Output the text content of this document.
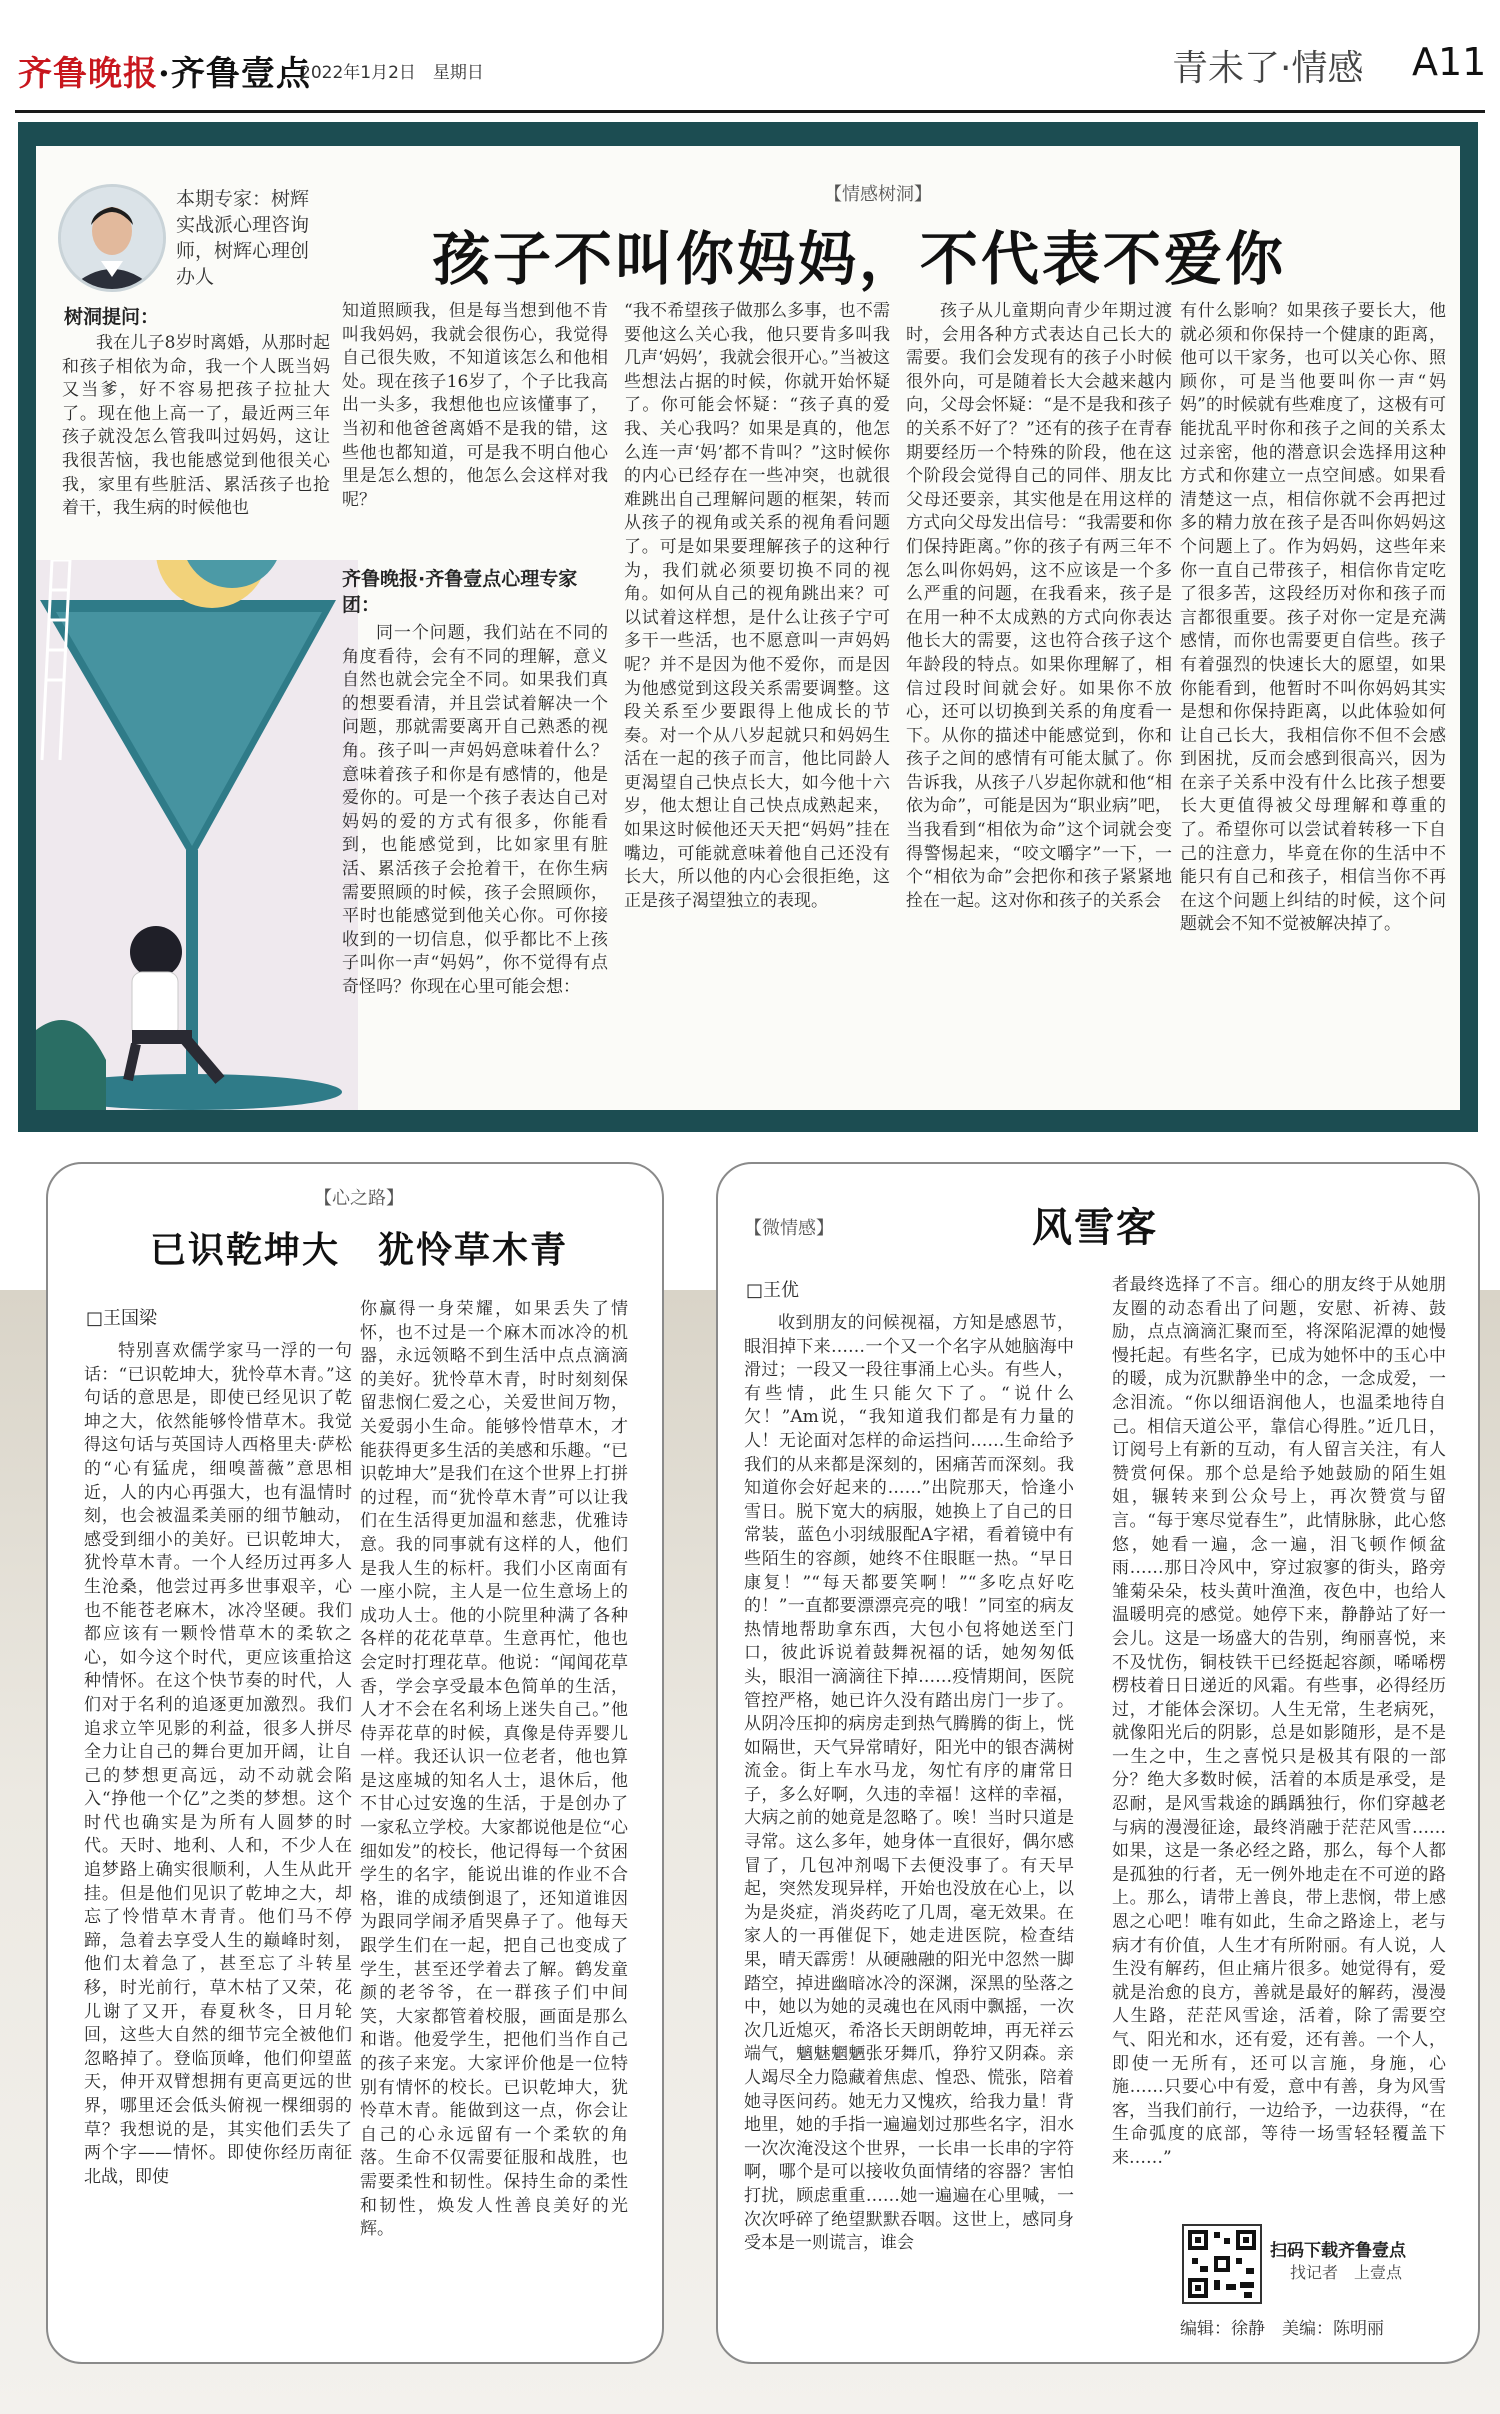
齐鲁晚报·齐鲁壹点
2022年1月2日　星期日	青未了·情感 A11
【情感树洞】
孩子不叫你妈妈，不代表不爱你
本期专家：树辉实战派心理咨询师，树辉心理创办人
树洞提问：

我在儿子8岁时离婚，从那时起和孩子相依为命，我一个人既当妈又当爹，好不容易把孩子拉扯大了。现在他上高一了，最近两三年孩子就没怎么管我叫过妈妈，这让我很苦恼，我也能感觉到他很关心我，家里有些脏活、累活孩子也抢着干，我生病的时候他也

知道照顾我，但是每当想到他不肯叫我妈妈，我就会很伤心，我觉得自己很失败，不知道该怎么和他相处。现在孩子16岁了，个子比我高出一头多，我想他也应该懂事了，当初和他爸爸离婚不是我的错，这些他也都知道，可是我不明白他心里是怎么想的，他怎么会这样对我呢？

齐鲁晚报·齐鲁壹点心理专家团：

同一个问题，我们站在不同的角度看待，会有不同的理解，意义自然也就会完全不同。如果我们真的想要看清，并且尝试着解决一个问题，那就需要离开自己熟悉的视角。孩子叫一声妈妈意味着什么？意味着孩子和你是有感情的，他是爱你的。可是一个孩子表达自己对妈妈的爱的方式有很多，你能看到，也能感觉到，比如家里有脏活、累活孩子会抢着干，在你生病需要照顾的时候，孩子会照顾你，平时也能感觉到他关心你。可你接收到的一切信息，似乎都比不上孩子叫你一声“妈妈”，你不觉得有点奇怪吗？你现在心里可能会想：

“我不希望孩子做那么多事，也不需要他这么关心我，他只要肯多叫我几声‘妈妈’，我就会很开心。”当被这些想法占据的时候，你就开始怀疑了。你可能会怀疑：“孩子真的爱我、关心我吗？如果是真的，他怎么连一声‘妈’都不肯叫？”这时候你的内心已经存在一些冲突，也就很难跳出自己理解问题的框架，转而从孩子的视角或关系的视角看问题了。可是如果要理解孩子的这种行为，我们就必须要切换不同的视角。如何从自己的视角跳出来？可以试着这样想，是什么让孩子宁可多干一些活，也不愿意叫一声妈妈呢？并不是因为他不爱你，而是因为他感觉到这段关系需要调整。这段关系至少要跟得上他成长的节奏。对一个从八岁起就只和妈妈生活在一起的孩子而言，他比同龄人更渴望自己快点长大，如今他十六岁，他太想让自己快点成熟起来，如果这时候他还天天把“妈妈”挂在嘴边，可能就意味着他自己还没有长大，所以他的内心会很拒绝，这正是孩子渴望独立的表现。

孩子从儿童期向青少年期过渡时，会用各种方式表达自己长大的需要。我们会发现有的孩子小时候很外向，可是随着长大会越来越内向，父母会怀疑：“是不是我和孩子的关系不好了？”还有的孩子在青春期要经历一个特殊的阶段，他在这个阶段会觉得自己的同伴、朋友比父母还要亲，其实他是在用这样的方式向父母发出信号：“我需要和你们保持距离。”你的孩子有两三年不怎么叫你妈妈，这不应该是一个多么严重的问题，在我看来，孩子是在用一种不太成熟的方式向你表达他长大的需要，这也符合孩子这个年龄段的特点。如果你理解了，相信过段时间就会好。如果你不放心，还可以切换到关系的角度看一下。从你的描述中能感觉到，你和孩子之间的感情有可能太腻了。你告诉我，从孩子八岁起你就和他“相依为命”，可能是因为“职业病”吧，当我看到“相依为命”这个词就会变得警惕起来，“咬文嚼字”一下，一个“相依为命”会把你和孩子紧紧地拴在一起。这对你和孩子的关系会

有什么影响？如果孩子要长大，他就必须和你保持一个健康的距离，他可以干家务，也可以关心你、照顾你，可是当他要叫你一声“妈妈”的时候就有些难度了，这极有可能扰乱平时你和孩子之间的关系太过亲密，他的潜意识会选择用这种方式和你建立一点空间感。如果看清楚这一点，相信你就不会再把过多的精力放在孩子是否叫你妈妈这个问题上了。作为妈妈，这些年来你一直自己带孩子，相信你肯定吃了很多苦，这段经历对你和孩子而言都很重要。孩子对你一定是充满感情，而你也需要更自信些。孩子有着强烈的快速长大的愿望，如果你能看到，他暂时不叫你妈妈其实是想和你保持距离，以此体验如何让自己长大，我相信你不但不会感到困扰，反而会感到很高兴，因为在亲子关系中没有什么比孩子想要长大更值得被父母理解和尊重的了。希望你可以尝试着转移一下自己的注意力，毕竟在你的生活中不能只有自己和孩子，相信当你不再在这个问题上纠结的时候，这个问题就会不知不觉被解决掉了。

【心之路】
已识乾坤大　犹怜草木青
□王国梁

特别喜欢儒学家马一浮的一句话：“已识乾坤大，犹怜草木青。”这句话的意思是，即使已经见识了乾坤之大，依然能够怜惜草木。我觉得这句话与英国诗人西格里夫·萨松的“心有猛虎，细嗅蔷薇”意思相近，人的内心再强大，也有温情时刻，也会被温柔美丽的细节触动，感受到细小的美好。已识乾坤大，犹怜草木青。一个人经历过再多人生沧桑，他尝过再多世事艰辛，心也不能苍老麻木，冰冷坚硬。我们都应该有一颗怜惜草木的柔软之心，如今这个时代，更应该重拾这种情怀。在这个快节奏的时代，人们对于名利的追逐更加激烈。我们追求立竿见影的利益，很多人拼尽全力让自己的舞台更加开阔，让自己的梦想更高远，动不动就会陷入“挣他一个亿”之类的梦想。这个时代也确实是为所有人圆梦的时代。天时、地利、人和，不少人在追梦路上确实很顺利，人生从此开挂。但是他们见识了乾坤之大，却忘了怜惜草木青青。他们马不停蹄，急着去享受人生的巅峰时刻，他们太着急了，甚至忘了斗转星移，时光前行，草木枯了又荣，花儿谢了又开，春夏秋冬，日月轮回，这些大自然的细节完全被他们忽略掉了。登临顶峰，他们仰望蓝天，伸开双臂想拥有更高更远的世界，哪里还会低头俯视一棵细弱的草？我想说的是，其实他们丢失了两个字——情怀。即使你经历南征北战，即使

你赢得一身荣耀，如果丢失了情怀，也不过是一个麻木而冰冷的机器，永远领略不到生活中点点滴滴的美好。犹怜草木青，时时刻刻保留悲悯仁爱之心，关爱世间万物，关爱弱小生命。能够怜惜草木，才能获得更多生活的美感和乐趣。“已识乾坤大”是我们在这个世界上打拼的过程，而“犹怜草木青”可以让我们在生活得更加温和慈悲，优雅诗意。我的同事就有这样的人，他们是我人生的标杆。我们小区南面有一座小院，主人是一位生意场上的成功人士。他的小院里种满了各种各样的花花草草。生意再忙，他也会定时打理花草。他说：“闻闻花草香，学会享受最本色简单的生活，人才不会在名利场上迷失自己。”他侍弄花草的时候，真像是侍弄婴儿一样。我还认识一位老者，他也算是这座城的知名人士，退休后，他不甘心过安逸的生活，于是创办了一家私立学校。大家都说他是位“心细如发”的校长，他记得每一个贫困学生的名字，能说出谁的作业不合格，谁的成绩倒退了，还知道谁因为跟同学闹矛盾哭鼻子了。他每天跟学生们在一起，把自己也变成了学生，甚至还学着去了解。鹤发童颜的老爷爷，在一群孩子们中间笑，大家都管着校服，画面是那么和谐。他爱学生，把他们当作自己的孩子来宠。大家评价他是一位特别有情怀的校长。已识乾坤大，犹怜草木青。能做到这一点，你会让自己的心永远留有一个柔软的角落。生命不仅需要征服和战胜，也需要柔性和韧性。保持生命的柔性和韧性，焕发人性善良美好的光辉。

【微情感】	风雪客
□王优

收到朋友的问候视福，方知是感恩节，眼泪掉下来……一个又一个名字从她脑海中滑过；一段又一段往事涌上心头。有些人，有些情，此生只能欠下了。“说什么欠！”Am说，“我知道我们都是有力量的人！无论面对怎样的命运挡问……生命给予我们的从来都是深刻的，困痛苦而深刻。我知道你会好起来的……”出院那天，恰逢小雪日。脱下宽大的病服，她换上了自己的日常装，蓝色小羽绒服配A字裙，看着镜中有些陌生的容颜，她终不住眼眶一热。“早日康复！”“每天都要笑啊！”“多吃点好吃的！”一直都要漂漂亮亮的哦！”同室的病友热情地帮助拿东西，大包小包将她送至门口，彼此诉说着鼓舞祝福的话，她匆匆低头，眼泪一滴滴往下掉……疫情期间，医院管控严格，她已许久没有踏出房门一步了。从阴冷压抑的病房走到热气腾腾的街上，恍如隔世，天气异常晴好，阳光中的银杏满树流金。街上车水马龙，匆忙有序的庸常日子，多么好啊，久违的幸福！这样的幸福，大病之前的她竟是忽略了。唉！当时只道是寻常。这么多年，她身体一直很好，偶尔感冒了，几包冲剂喝下去便没事了。有天早起，突然发现异样，开始也没放在心上，以为是炎症，消炎药吃了几周，毫无效果。在家人的一再催促下，她走进医院，检查结果，晴天霹雳！从硬融融的阳光中忽然一脚踏空，掉进幽暗冰冷的深渊，深黑的坠落之中，她以为她的灵魂也在风雨中飘摇，一次次几近熄灭，希洛长天朗朗乾坤，再无祥云端气，魑魅魍魉张牙舞爪，狰狞又阴森。亲人竭尽全力隐藏着焦虑、惶恐、慌张，陪着她寻医问药。她无力又愧疚，给我力量！背地里，她的手指一遍遍划过那些名字，泪水一次次淹没这个世界，一长串一长串的字符啊，哪个是可以接收负面情绪的容器？害怕打扰，顾虑重重……她一遍遍在心里喊，一次次呼碎了绝望默默吞咽。这世上，感同身受本是一则谎言，谁会

者最终选择了不言。细心的朋友终于从她朋友圈的动态看出了问题，安慰、祈祷、鼓励，点点滴滴汇聚而至，将深陷泥潭的她慢慢托起。有些名字，已成为她怀中的玉心中的暖，成为沉默静坐中的念，一念成爱，一念泪流。“你以细语润他人，也温柔地待自己。相信天道公平，靠信心得胜。”近几日，订阅号上有新的互动，有人留言关注，有人赞赏何保。那个总是给予她鼓励的陌生姐姐，辗转来到公众号上，再次赞赏与留言。“每于寒尽觉春生”，此情脉脉，此心悠悠，她看一遍，念一遍，泪飞顿作倾盆雨……那日冷风中，穿过寂寥的街头，路旁雏菊朵朵，枝头黄叶渔渔，夜色中，也给人温暖明亮的感觉。她停下来，静静站了好一会儿。这是一场盛大的告别，绚丽喜悦，来不及忧伤，铜枝铁干已经挺起容颜，唏唏楞楞枝着日日递近的风霜。有些事，必得经历过，才能体会深切。人生无常，生老病死，就像阳光后的阴影，总是如影随形，是不是一生之中，生之喜悦只是极其有限的一部分？绝大多数时候，活着的本质是承受，是忍耐，是风雪栽途的踽踽独行，你们穿越老与病的漫漫征途，最终消融于茫茫风雪……如果，这是一条必经之路，那么，每个人都是孤独的行者，无一例外地走在不可逆的路上。那么，请带上善良，带上悲悯，带上感恩之心吧！唯有如此，生命之路途上，老与病才有价值，人生才有所附丽。有人说，人生没有解药，但止痛片很多。她觉得有，爱就是治愈的良方，善就是最好的解药，漫漫人生路，茫茫风雪途，活着，除了需要空气、阳光和水，还有爱，还有善。一个人，即使一无所有，还可以言施，身施，心施……只要心中有爱，意中有善，身为风雪客，当我们前行，一边给予，一边获得，“在生命弧度的底部，等待一场雪轻轻覆盖下来……”

扫码下载齐鲁壹点
找记者　上壹点
编辑：徐静　美编：陈明丽
